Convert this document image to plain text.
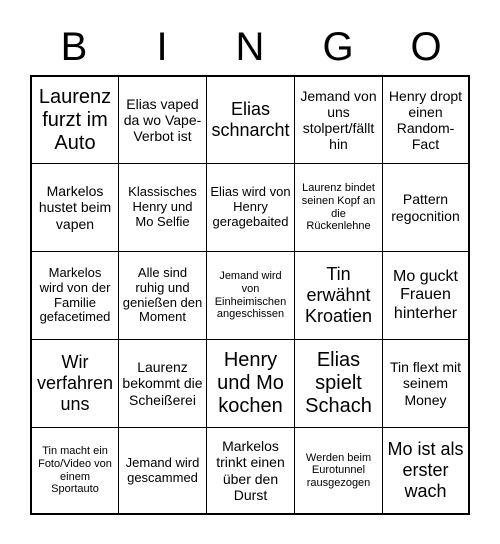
B	I	N	G	O
Laurenz furzt im Auto
Elias vaped da wo Vape-Verbot ist
Elias schnarcht
Jemand von uns stolpert/fällt hin
Henry dropt einen Random-Fact
Markelos hustet beim vapen
Klassisches Henry und Mo Selfie
Elias wird von Henry geragebaited
Laurenz bindet seinen Kopf an die Rückenlehne
Pattern regocnition
Markelos wird von der Familie gefacetimed
Alle sind ruhig und genießen den Moment
Jemand wird von Einheimischen angeschissen
Tin erwähnt Kroatien
Mo guckt Frauen hinterher
Wir verfahren uns
Laurenz bekommt die Scheißerei
Henry und Mo kochen
Elias spielt Schach
Tin flext mit seinem Money
Tin macht ein Foto/Video von einem Sportauto
Jemand wird gescammed
Markelos trinkt einen über den Durst
Werden beim Eurotunnel rausgezogen
Mo ist als erster wach
